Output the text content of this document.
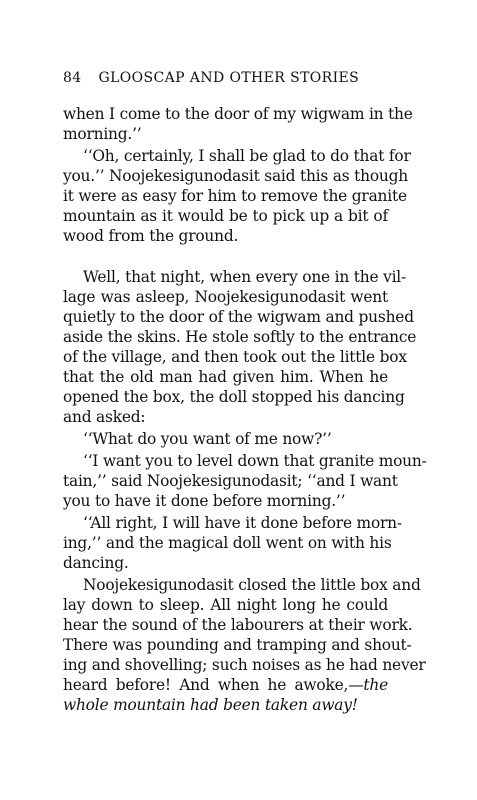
84 GLOOSCAP AND OTHER STORIES
when I come to the door of my wigwam in the
morning.’’
‘‘Oh, certainly, I shall be glad to do that for
you.’’ Noojekesigunodasit said this as though
it were as easy for him to remove the granite
mountain as it would be to pick up a bit of
wood from the ground.
Well, that night, when every one in the vil-
lage was asleep, Noojekesigunodasit went
quietly to the door of the wigwam and pushed
aside the skins. He stole softly to the entrance
of the village, and then took out the little box
that the old man had given him. When he
opened the box, the doll stopped his dancing
and asked:
‘‘What do you want of me now?’’
‘‘I want you to level down that granite moun-
tain,’’ said Noojekesigunodasit; ‘‘and I want
you to have it done before morning.’’
‘‘All right, I will have it done before morn-
ing,’’ and the magical doll went on with his
dancing.
Noojekesigunodasit closed the little box and
lay down to sleep. All night long he could
hear the sound of the labourers at their work.
There was pounding and tramping and shout-
ing and shovelling; such noises as he had never
heard before! And when he awoke,—the
whole mountain had been taken away!
